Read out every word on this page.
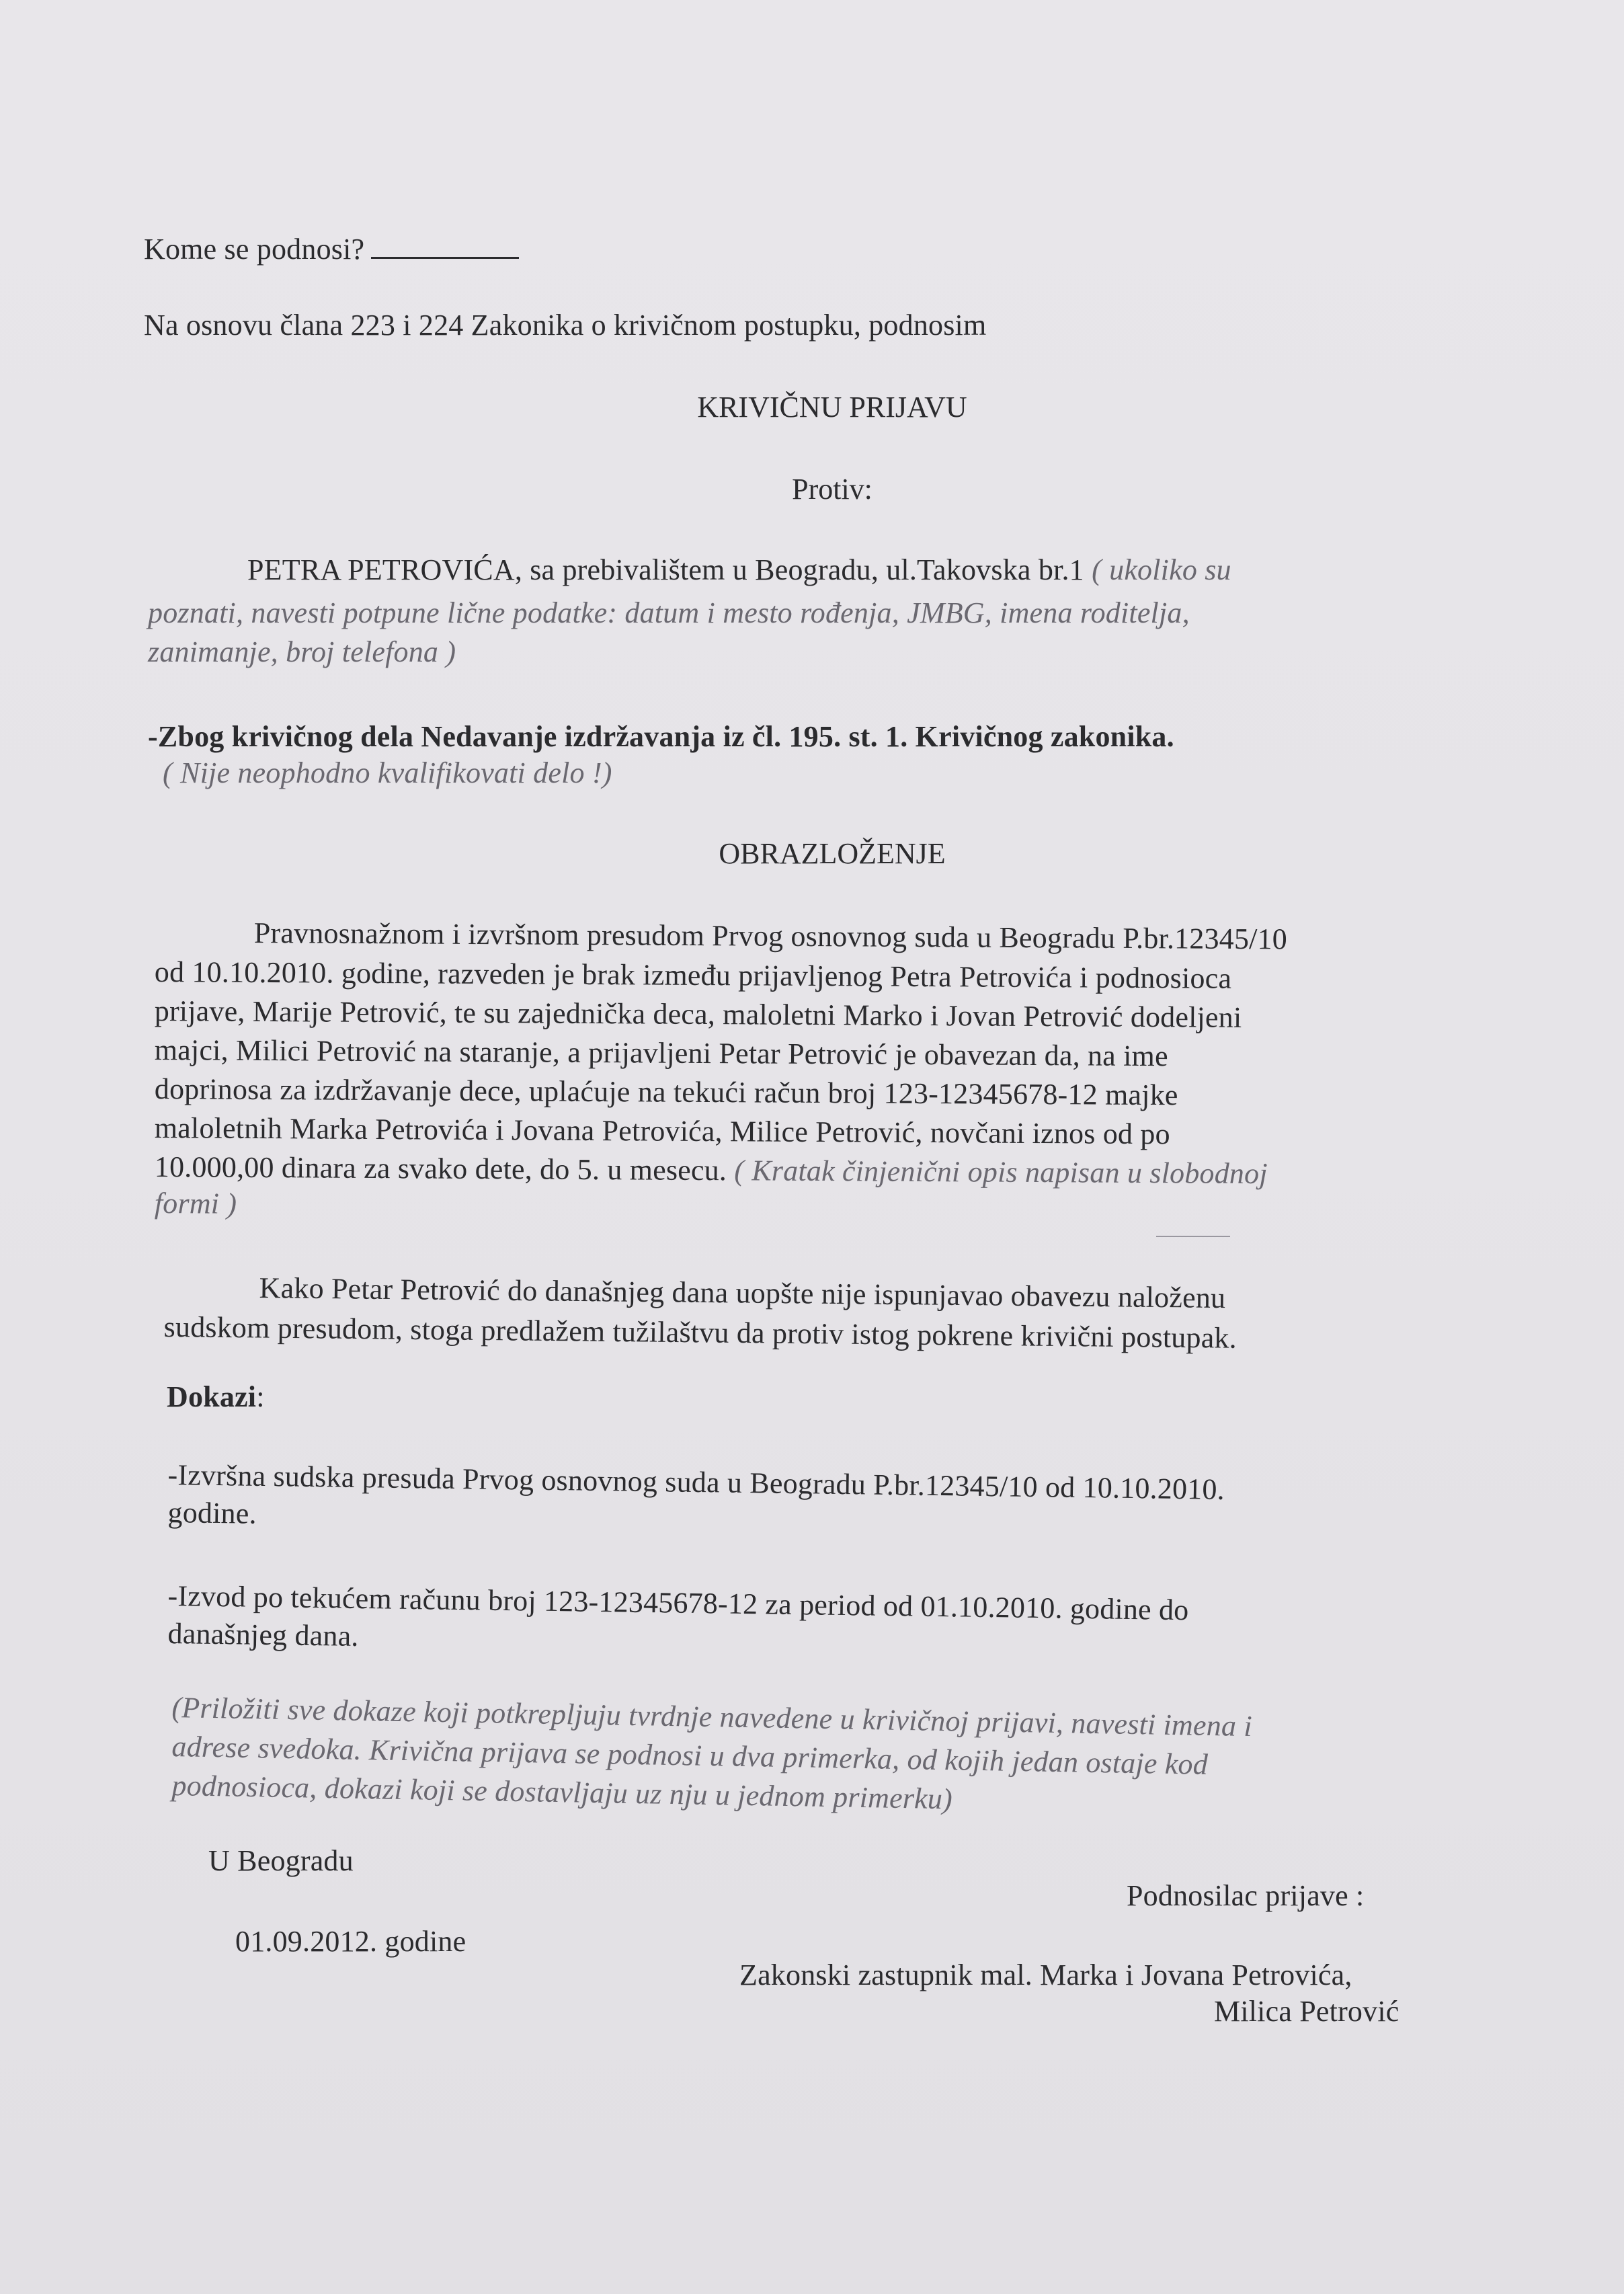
Kome se podnosi?
Na osnovu člana 223 i 224 Zakonika o krivičnom postupku, podnosim
KRIVIČNU PRIJAVU
Protiv:
PETRA PETROVIĆA, sa prebivalištem u Beogradu, ul.Takovska br.1 ( ukoliko su
poznati, navesti potpune lične podatke: datum i mesto rođenja, JMBG, imena roditelja,
zanimanje, broj telefona )
-Zbog krivičnog dela Nedavanje izdržavanja iz čl. 195. st. 1. Krivičnog zakonika.
( Nije neophodno kvalifikovati delo !)
OBRAZLOŽENJE
Pravnosnažnom i izvršnom presudom Prvog osnovnog suda u Beogradu P.br.12345/10
od 10.10.2010. godine, razveden je brak između prijavljenog Petra Petrovića i podnosioca
prijave, Marije Petrović, te su zajednička deca, maloletni Marko i Jovan Petrović dodeljeni
majci, Milici Petrović na staranje, a prijavljeni Petar Petrović je obavezan da, na ime
doprinosa za izdržavanje dece, uplaćuje na tekući račun broj 123-12345678-12 majke
maloletnih Marka Petrovića i Jovana Petrovića, Milice Petrović, novčani iznos od po
10.000,00 dinara za svako dete, do 5. u mesecu. ( Kratak činjenični opis napisan u slobodnoj
formi )
Kako Petar Petrović do današnjeg dana uopšte nije ispunjavao obavezu naloženu
sudskom presudom, stoga predlažem tužilaštvu da protiv istog pokrene krivični postupak.
Dokazi:
-Izvršna sudska presuda Prvog osnovnog suda u Beogradu P.br.12345/10 od 10.10.2010.
godine.
-Izvod po tekućem računu broj 123-12345678-12 za period od 01.10.2010. godine do
današnjeg dana.
(Priložiti sve dokaze koji potkrepljuju tvrdnje navedene u krivičnoj prijavi, navesti imena i
adrese svedoka. Krivična prijava se podnosi u dva primerka, od kojih jedan ostaje kod
podnosioca, dokazi koji se dostavljaju uz nju u jednom primerku)
U Beogradu
Podnosilac prijave :
01.09.2012. godine
Zakonski zastupnik mal. Marka i Jovana Petrovića,
Milica Petrović
